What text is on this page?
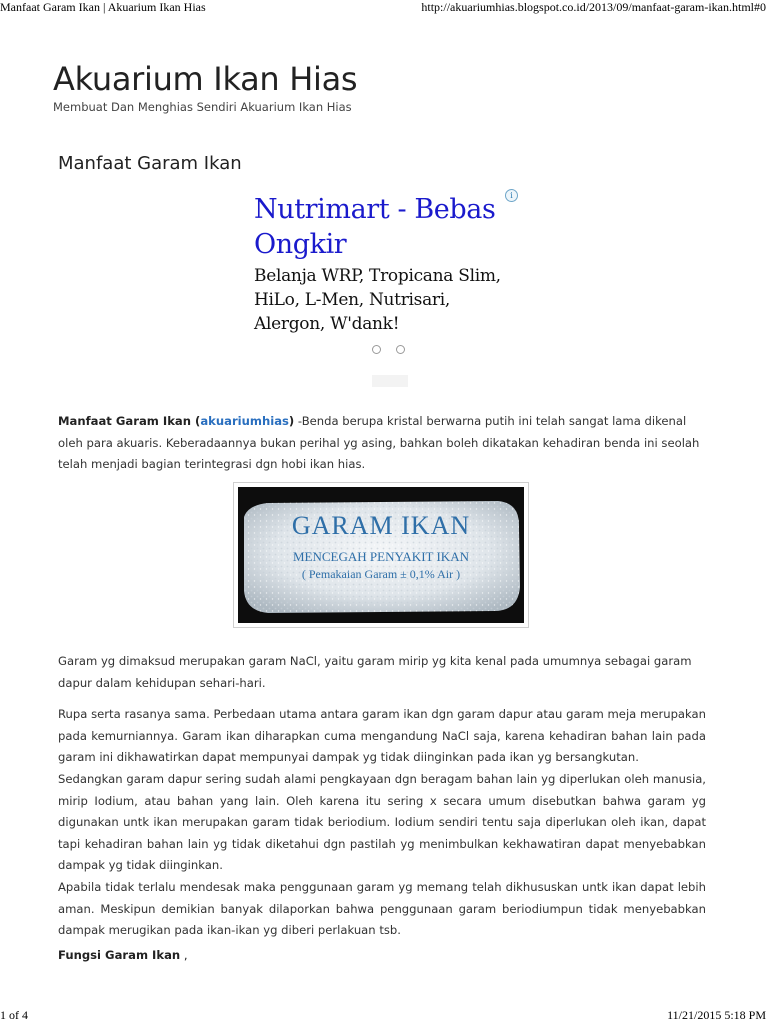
Manfaat Garam Ikan | Akuarium Ikan Hias	http://akuariumhias.blogspot.co.id/2013/09/manfaat-garam-ikan.html#0
Akuarium Ikan Hias
Membuat Dan Menghias Sendiri Akuarium Ikan Hias
Manfaat Garam Ikan
Nutrimart - Bebas Ongkir
Belanja WRP, Tropicana Slim, HiLo, L-Men, Nutrisari, Alergon, W'dank!
i

Manfaat Garam Ikan (akuariumhias) -Benda berupa kristal berwarna putih ini telah sangat lama dikenal oleh para akuaris. Keberadaannya bukan perihal yg asing, bahkan boleh dikatakan kehadiran benda ini seolah telah menjadi bagian terintegrasi dgn hobi ikan hias.

GARAM IKAN
MENCEGAH PENYAKIT IKAN
( Pemakaian Garam ± 0,1% Air )

Garam yg dimaksud merupakan garam NaCl, yaitu garam mirip yg kita kenal pada umumnya sebagai garam dapur dalam kehidupan sehari-hari.

Rupa serta rasanya sama. Perbedaan utama antara garam ikan dgn garam dapur atau garam meja merupakan pada kemurniannya. Garam ikan diharapkan cuma mengandung NaCl saja, karena kehadiran bahan lain pada garam ini dikhawatirkan dapat mempunyai dampak yg tidak diinginkan pada ikan yg bersangkutan.

Sedangkan garam dapur sering sudah alami pengkayaan dgn beragam bahan lain yg diperlukan oleh manusia, mirip Iodium, atau bahan yang lain. Oleh karena itu sering x secara umum disebutkan bahwa garam yg digunakan untk ikan merupakan garam tidak beriodium. Iodium sendiri tentu saja diperlukan oleh ikan, dapat tapi kehadiran bahan lain yg tidak diketahui dgn pastilah yg menimbulkan kekhawatiran dapat menyebabkan dampak yg tidak diinginkan.

Apabila tidak terlalu mendesak maka penggunaan garam yg memang telah dikhususkan untk ikan dapat lebih aman. Meskipun demikian banyak dilaporkan bahwa penggunaan garam beriodiumpun tidak menyebabkan dampak merugikan pada ikan-ikan yg diberi perlakuan tsb.

Fungsi Garam Ikan ,
1 of 4	11/21/2015 5:18 PM
